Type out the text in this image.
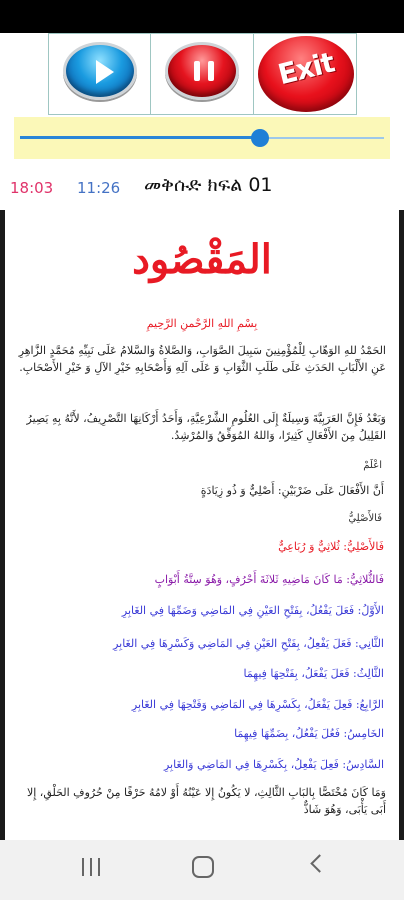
Exit
18:03 11:26 መቅሱድ ክፍል 01
المَقْصُود
بِسْمِ اللهِ الرَّحْمنِ الرَّحِيمِ
الحَمْدُ للهِ الوَهّابِ لِلْمُؤْمِنِينَ سَبِيلَ الصَّوَابِ، وَالصَّلاةُ وَالسَّلامُ عَلَى نَبِيِّهِ مُحَمَّدٍ الزَّاهِرِ عَنِ الأَلْبَابِ الحَدَثِ عَلَى طَلَبِ الثَّوَابِ وَ عَلَى آلِهِ وَأَصْحَابِهِ خَيْرِ الآلِ وَ خَيْرِ الأَصْحَابِ.
وَبَعْدُ فَإِنَّ العَرَبِيَّةَ وَسِيلَةٌ إِلَى العُلُومِ الشَّرْعِيَّةِ، وَأَحَدُ أَرْكَانِهَا التَّصْرِيفُ، لأَنَّهُ بِهِ يَصِيرُ القَلِيلُ مِنَ الأَفْعَالِ كَثِيرًا، وَاللهُ المُوَفِّقُ وَالمُرْشِدُ.
اعْلَمْ
أَنَّ الأَفْعَالَ عَلَى ضَرْبَيْنِ: أَصْلِيٌّ وَ ذُو زِيَادَةٍ
فَالأَصْلِيُّ
فَالأَصْلِيُّ: ثُلاثِيٌّ وَ رُبَاعِيٌّ
فَالثُّلاثِيُّ: مَا كَانَ مَاضِيهِ ثَلاثَةَ أَحْرُفٍ، وَهُوَ سِتَّةُ أَبْوَابٍ
الأَوَّلُ: فَعَلَ يَفْعُلُ، بِفَتْحِ العَيْنِ فِي المَاضِي وَضَمِّهَا فِي الغَابِرِ
الثَّانِي: فَعَلَ يَفْعِلُ، بِفَتْحِ العَيْنِ فِي المَاضِي وَكَسْرِهَا فِي الغَابِرِ
الثَّالِثُ: فَعَلَ يَفْعَلُ، بِفَتْحِهَا فِيهِمَا
الرَّابِعُ: فَعِلَ يَفْعَلُ، بِكَسْرِهَا فِي المَاضِي وَفَتْحِهَا فِي الغَابِرِ
الخَامِسُ: فَعُلَ يَفْعُلُ، بِضَمِّهَا فِيهِمَا
السَّادِسُ: فَعِلَ يَفْعِلُ، بِكَسْرِهَا فِي المَاضِي وَالغَابِرِ
وَمَا كَانَ مُخْتَصًّا بِالبَابِ الثَّالِثِ، لا يَكُونُ إِلا عَيْنُهُ أَوْ لامُهُ حَرْفًا مِنْ حُرُوفِ الحَلْقِ، إِلا أَبَى يَأْبَى، وَهُوَ شَاذٌّ
